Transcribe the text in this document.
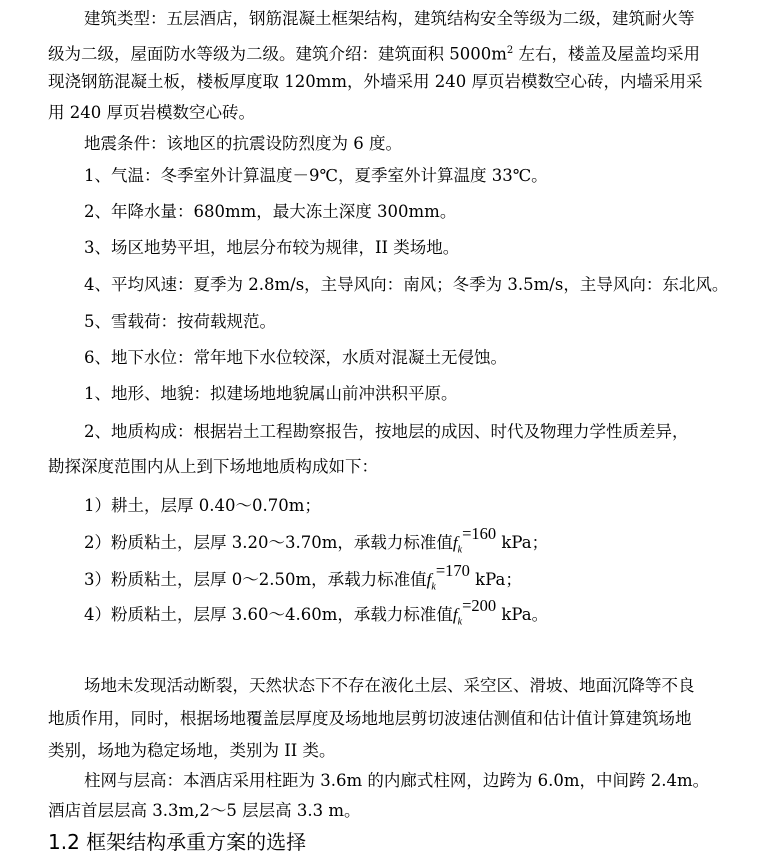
建筑类型：五层酒店，钢筋混凝土框架结构，建筑结构安全等级为二级，建筑耐火等
级为二级，屋面防水等级为二级。建筑介绍：建筑面积 $5000m^2$ 左右，楼盖及屋盖均采用
现浇钢筋混凝土板，楼板厚度取 120mm，外墙采用 240 厚页岩模数空心砖，内墙采用采
用 240 厚页岩模数空心砖。
地震条件：该地区的抗震设防烈度为 6 度。
1、气温：冬季室外计算温度－9℃，夏季室外计算温度 33℃。
2、年降水量：680mm，最大冻土深度 300mm。
3、场区地势平坦，地层分布较为规律，II 类场地。
4、平均风速：夏季为 2.8m/s，主导风向：南风；冬季为 3.5m/s，主导风向：东北风。
5、雪载荷：按荷载规范。
6、地下水位：常年地下水位较深，水质对混凝土无侵蚀。
1、地形、地貌：拟建场地地貌属山前冲洪积平原。
2、地质构成：根据岩土工程勘察报告，按地层的成因、时代及物理力学性质差异，
勘探深度范围内从上到下场地地质构成如下：
1）耕土，层厚 0.40～0.70m；
2）粉质粘土，层厚 3.20～3.70m，承载力标准值$f_k=160$ kPa；
3）粉质粘土，层厚 0～2.50m，承载力标准值$f_k=170$ kPa；
4）粉质粘土，层厚 3.60～4.60m，承载力标准值$f_k=200$ kPa。
场地未发现活动断裂，天然状态下不存在液化土层、采空区、滑坡、地面沉降等不良
地质作用，同时，根据场地覆盖层厚度及场地地层剪切波速估测值和估计值计算建筑场地
类别，场地为稳定场地，类别为 II 类。
柱网与层高：本酒店采用柱距为 3.6m 的内廊式柱网，边跨为 6.0m，中间跨 2.4m。
酒店首层层高 3.3m,2～5 层层高 3.3 m。
1.2 框架结构承重方案的选择
